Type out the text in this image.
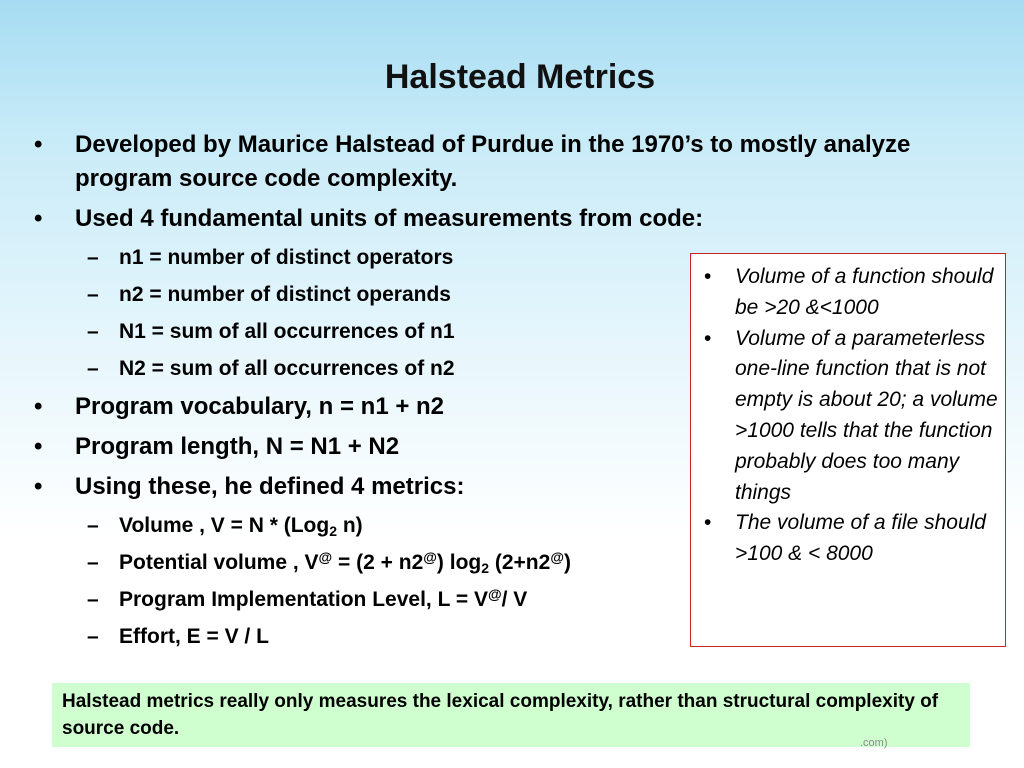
Halstead Metrics
• Developed by Maurice Halstead of Purdue in the 1970’s to mostly analyze program source code complexity.
• Used 4 fundamental units of measurements from code:
– n1 = number of distinct operators
– n2 = number of distinct operands
– N1 = sum of all occurrences of n1
– N2 = sum of all occurrences of n2
• Program vocabulary, n = n1 + n2
• Program length, N = N1 + N2
• Using these, he defined 4 metrics:
– Volume , V = N * (Log$_2$ n)
– Potential volume , V@ = (2 + n2@) $\log_2 (2+n2^@)$
– Program Implementation Level, L = V@/ V
– Effort, E = V / L
• Volume of a function should be >20 &<1000
• Volume of a parameterless one-line function that is not empty is about 20; a volume >1000 tells that the function probably does too many things
• The volume of a file should >100 & < 8000
Halstead metrics really only measures the lexical complexity, rather than structural complexity of source code.
.com)
